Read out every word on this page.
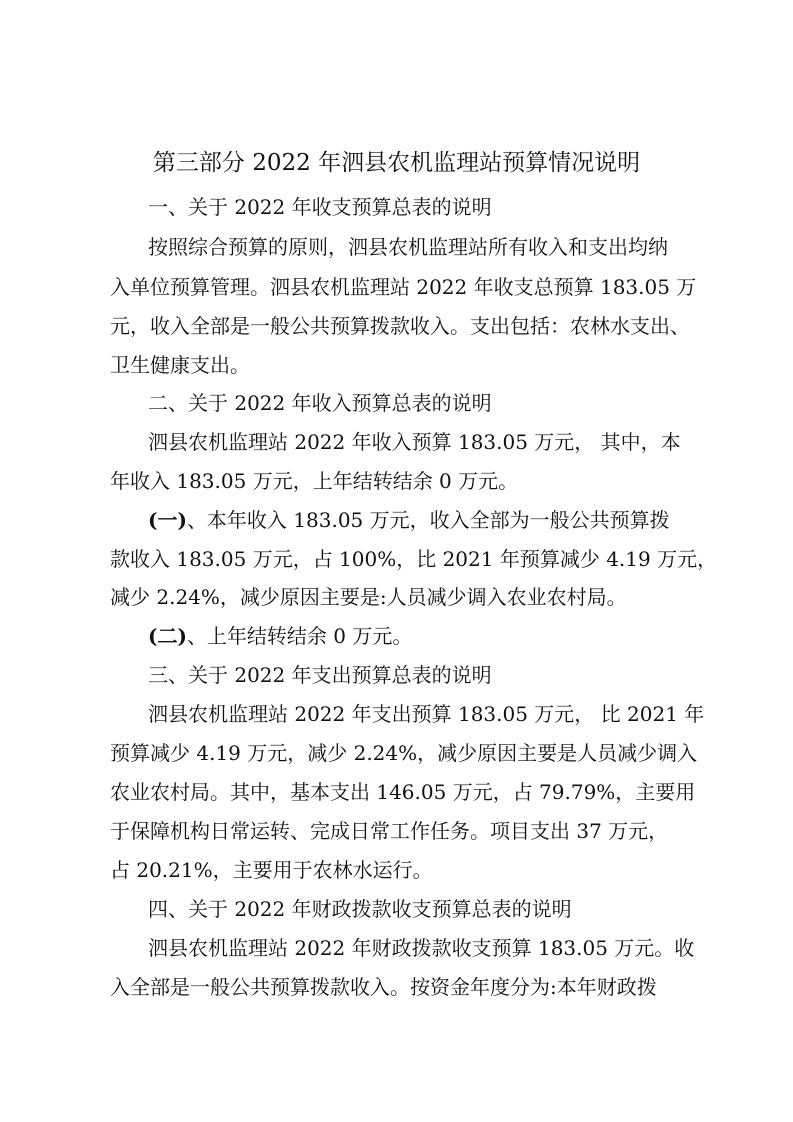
第三部分 2022 年泗县农机监理站预算情况说明
一、关于 2022 年收支预算总表的说明
按照综合预算的原则，泗县农机监理站所有收入和支出均纳
入单位预算管理。泗县农机监理站 2022 年收支总预算 183.05 万
元，收入全部是一般公共预算拨款收入。支出包括：农林水支出、
卫生健康支出。
二、关于 2022 年收入预算总表的说明
泗县农机监理站 2022 年收入预算 183.05 万元， 其中，本
年收入 183.05 万元，上年结转结余 0 万元。
(一)、本年收入 183.05 万元，收入全部为一般公共预算拨
款收入 183.05 万元，占 100%，比 2021 年预算减少 4.19 万元，
减少 2.24%，减少原因主要是:人员减少调入农业农村局。
(二)、上年结转结余 0 万元。
三、关于 2022 年支出预算总表的说明
泗县农机监理站 2022 年支出预算 183.05 万元， 比 2021 年
预算减少 4.19 万元，减少 2.24%，减少原因主要是人员减少调入
农业农村局。其中，基本支出 146.05 万元，占 79.79%，主要用
于保障机构日常运转、完成日常工作任务。项目支出 37 万元，
占 20.21%，主要用于农林水运行。
四、关于 2022 年财政拨款收支预算总表的说明
泗县农机监理站 2022 年财政拨款收支预算 183.05 万元。收
入全部是一般公共预算拨款收入。按资金年度分为:本年财政拨
